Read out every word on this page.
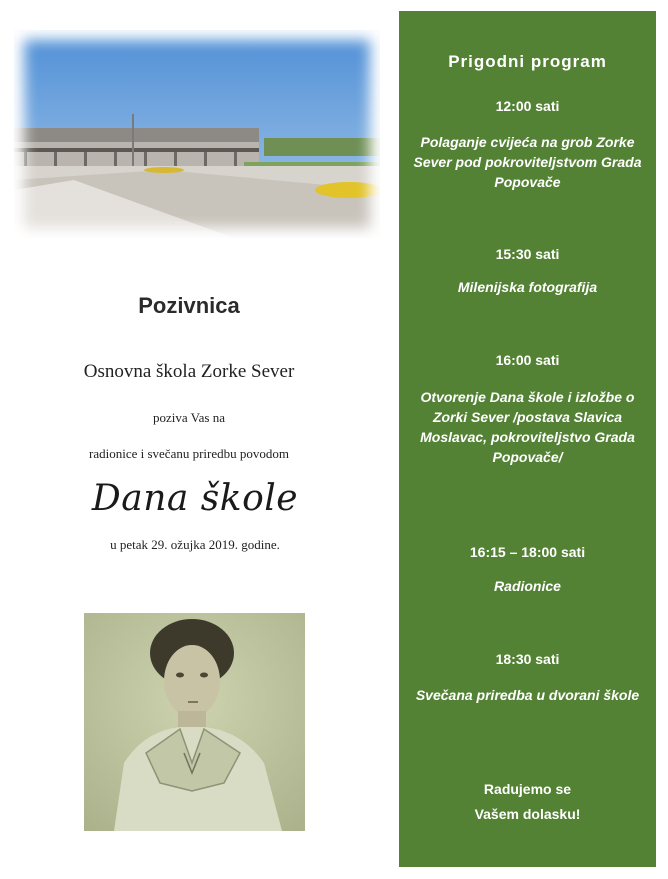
Pozivnica
Osnovna škola Zorke Sever
poziva Vas na
radionice i svečanu priredbu povodom
Dana škole
u petak 29. ožujka 2019. godine.
Prigodni program
12:00 sati
Polaganje cvijeća na grob Zorke Sever pod pokroviteljstvom Grada Popovače
15:30 sati
Milenijska fotografija
16:00 sati
Otvorenje Dana škole i izložbe o Zorki Sever /postava Slavica Moslavac, pokroviteljstvo Grada Popovače/
16:15 – 18:00 sati
Radionice
18:30 sati
Svečana priredba u dvorani škole
Radujemo se
Vašem dolasku!
